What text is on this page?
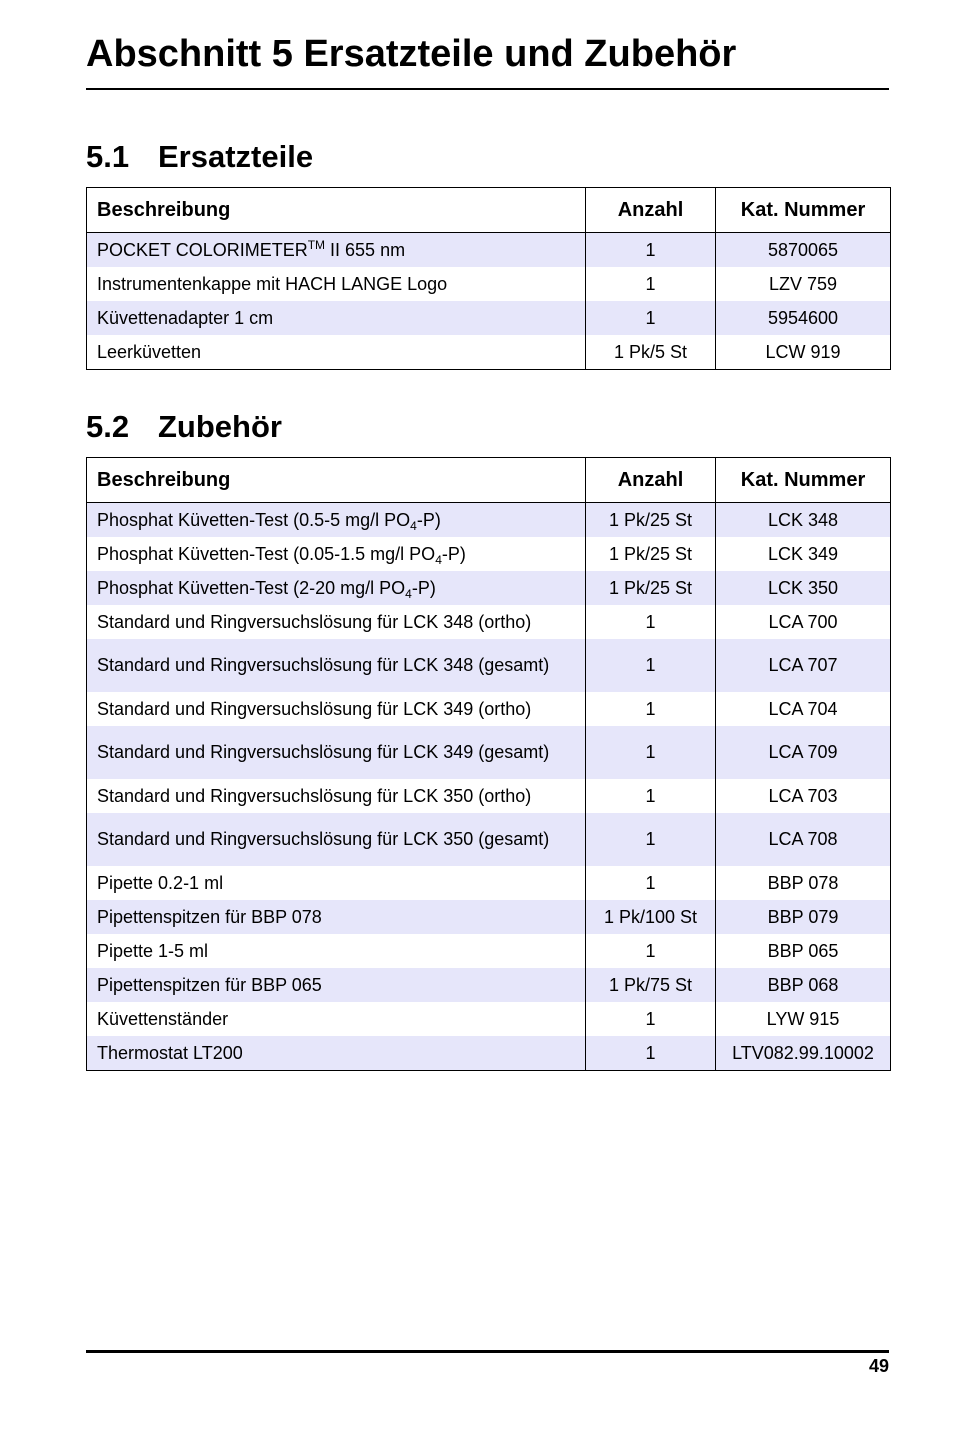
Abschnitt 5 Ersatzteile und Zubehör
5.1 Ersatzteile
Beschreibung	Anzahl	Kat. Nummer
POCKET COLORIMETER™ II 655 nm	1	5870065
Instrumentenkappe mit HACH LANGE Logo	1	LZV 759
Küvettenadapter 1 cm	1	5954600
Leerküvetten	1 Pk/5 St	LCW 919
5.2 Zubehör
Beschreibung	Anzahl	Kat. Nummer
Phosphat Küvetten-Test (0.5-5 mg/l $PO_4-P$)	1 Pk/25 St	LCK 348
Phosphat Küvetten-Test (0.05-1.5 mg/l $PO_4-P$)	1 Pk/25 St	LCK 349
Phosphat Küvetten-Test (2-20 mg/l $PO_4-P$)	1 Pk/25 St	LCK 350
Standard und Ringversuchslösung für LCK 348 (ortho)	1	LCA 700
Standard und Ringversuchslösung für LCK 348 (gesamt)	1	LCA 707
Standard und Ringversuchslösung für LCK 349 (ortho)	1	LCA 704
Standard und Ringversuchslösung für LCK 349 (gesamt)	1	LCA 709
Standard und Ringversuchslösung für LCK 350 (ortho)	1	LCA 703
Standard und Ringversuchslösung für LCK 350 (gesamt)	1	LCA 708
Pipette 0.2-1 ml	1	BBP 078
Pipettenspitzen für BBP 078	1 Pk/100 St	BBP 079
Pipette 1-5 ml	1	BBP 065
Pipettenspitzen für BBP 065	1 Pk/75 St	BBP 068
Küvettenständer	1	LYW 915
Thermostat LT200	1	LTV082.99.10002
49
